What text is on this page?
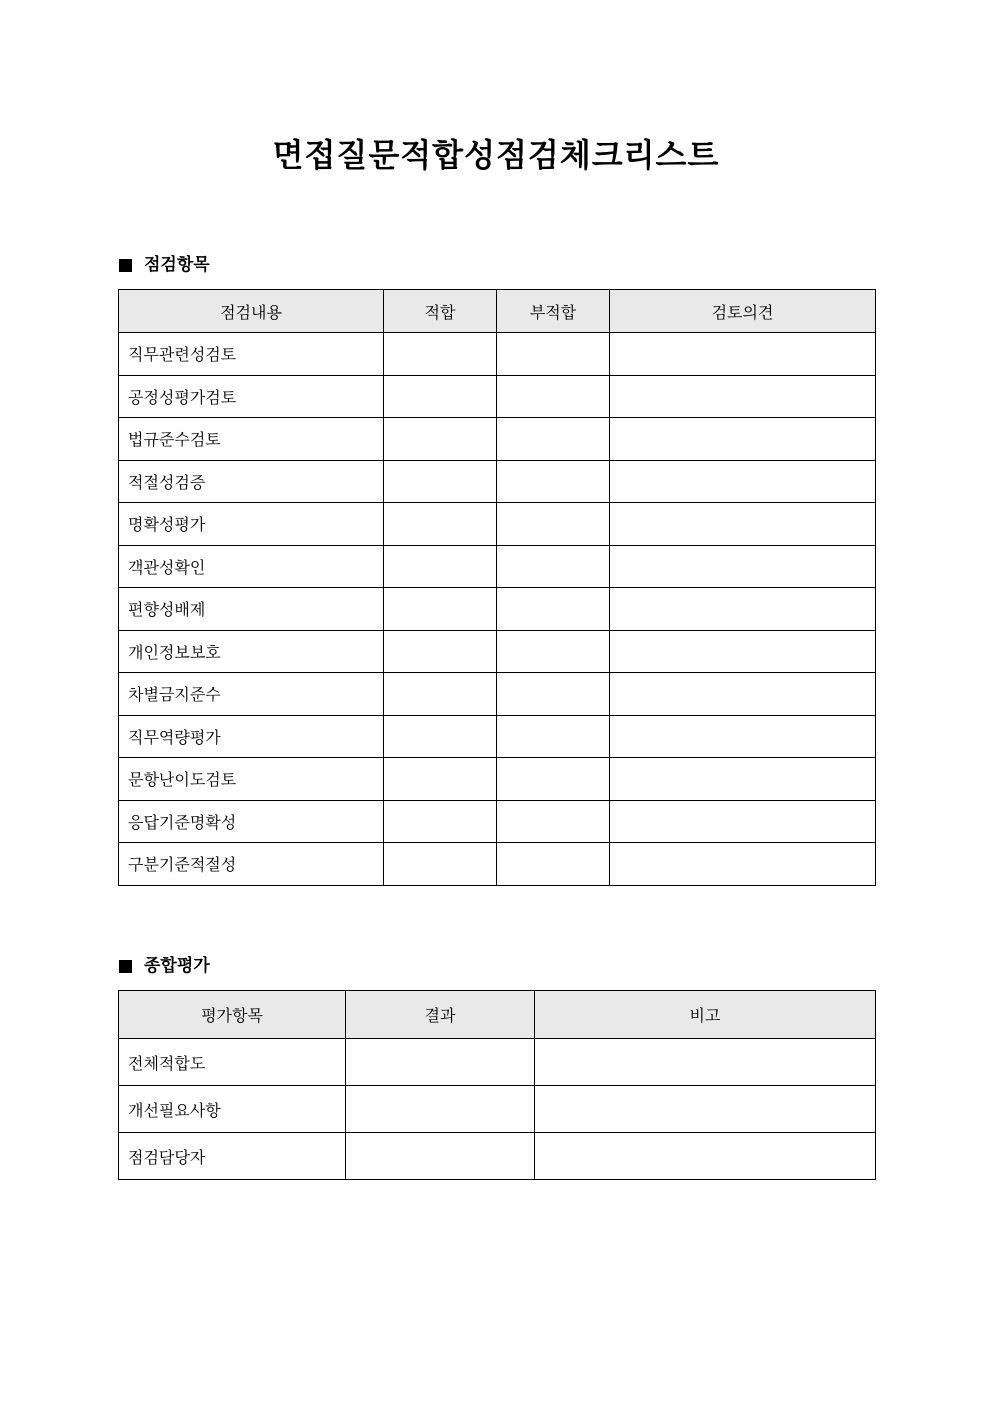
면접질문적합성점검체크리스트
점검항목
점검내용	적합	부적합	검토의견
직무관련성검토			
공정성평가검토			
법규준수검토			
적절성검증			
명확성평가			
객관성확인			
편향성배제			
개인정보보호			
차별금지준수			
직무역량평가			
문항난이도검토			
응답기준명확성			
구분기준적절성			
종합평가
평가항목	결과	비고
전체적합도		
개선필요사항		
점검담당자		
